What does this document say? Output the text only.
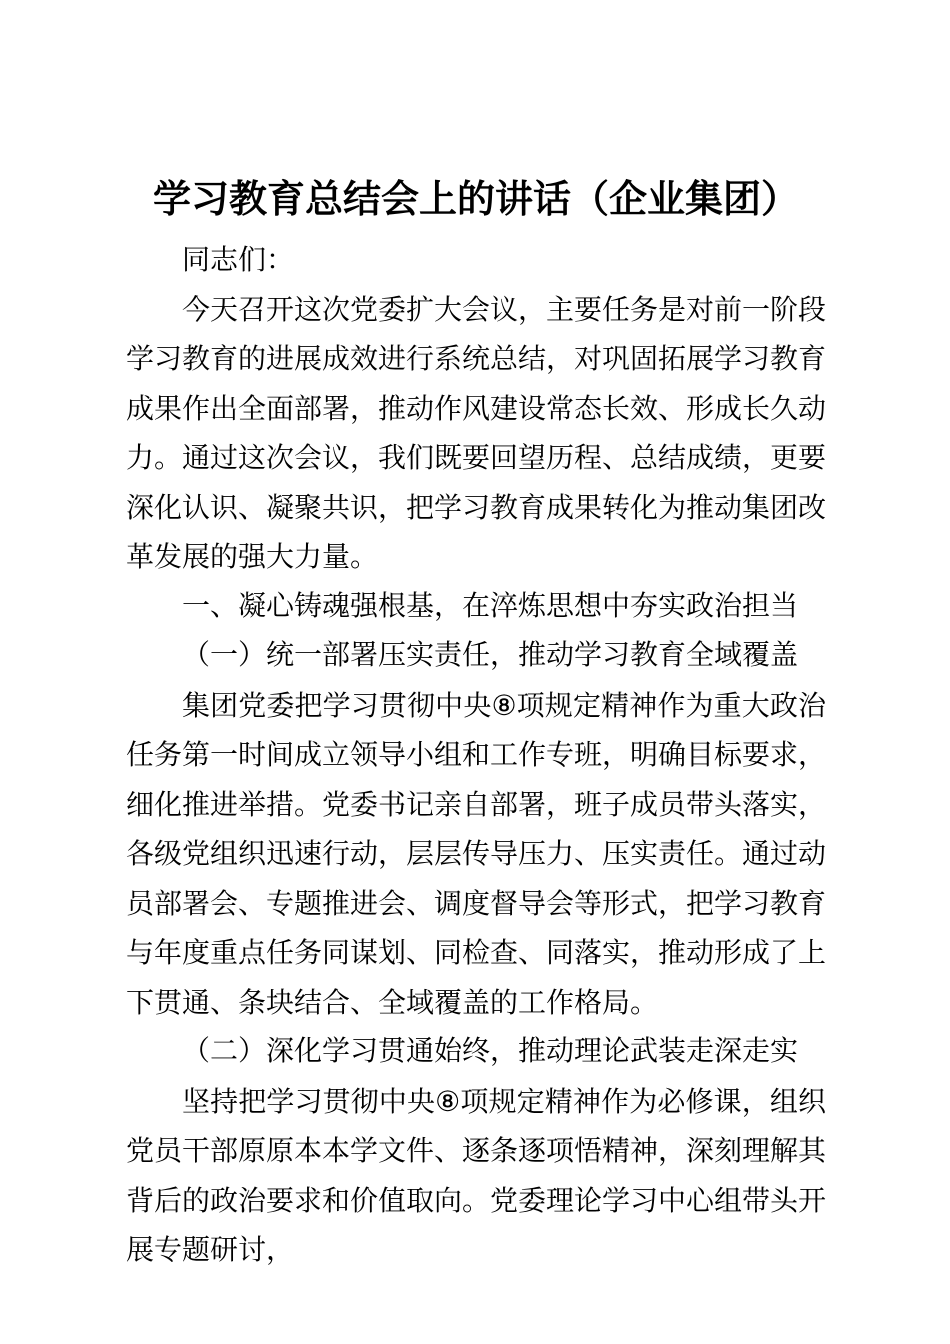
学习教育总结会上的讲话（企业集团）

同志们：

今天召开这次党委扩大会议，主要任务是对前一阶段学习教育的进展成效进行系统总结，对巩固拓展学习教育成果作出全面部署，推动作风建设常态长效、形成长久动力。通过这次会议，我们既要回望历程、总结成绩，更要深化认识、凝聚共识，把学习教育成果转化为推动集团改革发展的强大力量。

一、凝心铸魂强根基，在淬炼思想中夯实政治担当

（一）统一部署压实责任，推动学习教育全域覆盖

集团党委把学习贯彻中央⑧项规定精神作为重大政治任务第一时间成立领导小组和工作专班，明确目标要求，细化推进举措。党委书记亲自部署，班子成员带头落实，各级党组织迅速行动，层层传导压力、压实责任。通过动员部署会、专题推进会、调度督导会等形式，把学习教育与年度重点任务同谋划、同检查、同落实，推动形成了上下贯通、条块结合、全域覆盖的工作格局。

（二）深化学习贯通始终，推动理论武装走深走实

坚持把学习贯彻中央⑧项规定精神作为必修课，组织党员干部原原本本学文件、逐条逐项悟精神，深刻理解其背后的政治要求和价值取向。党委理论学习中心组带头开展专题研讨，
